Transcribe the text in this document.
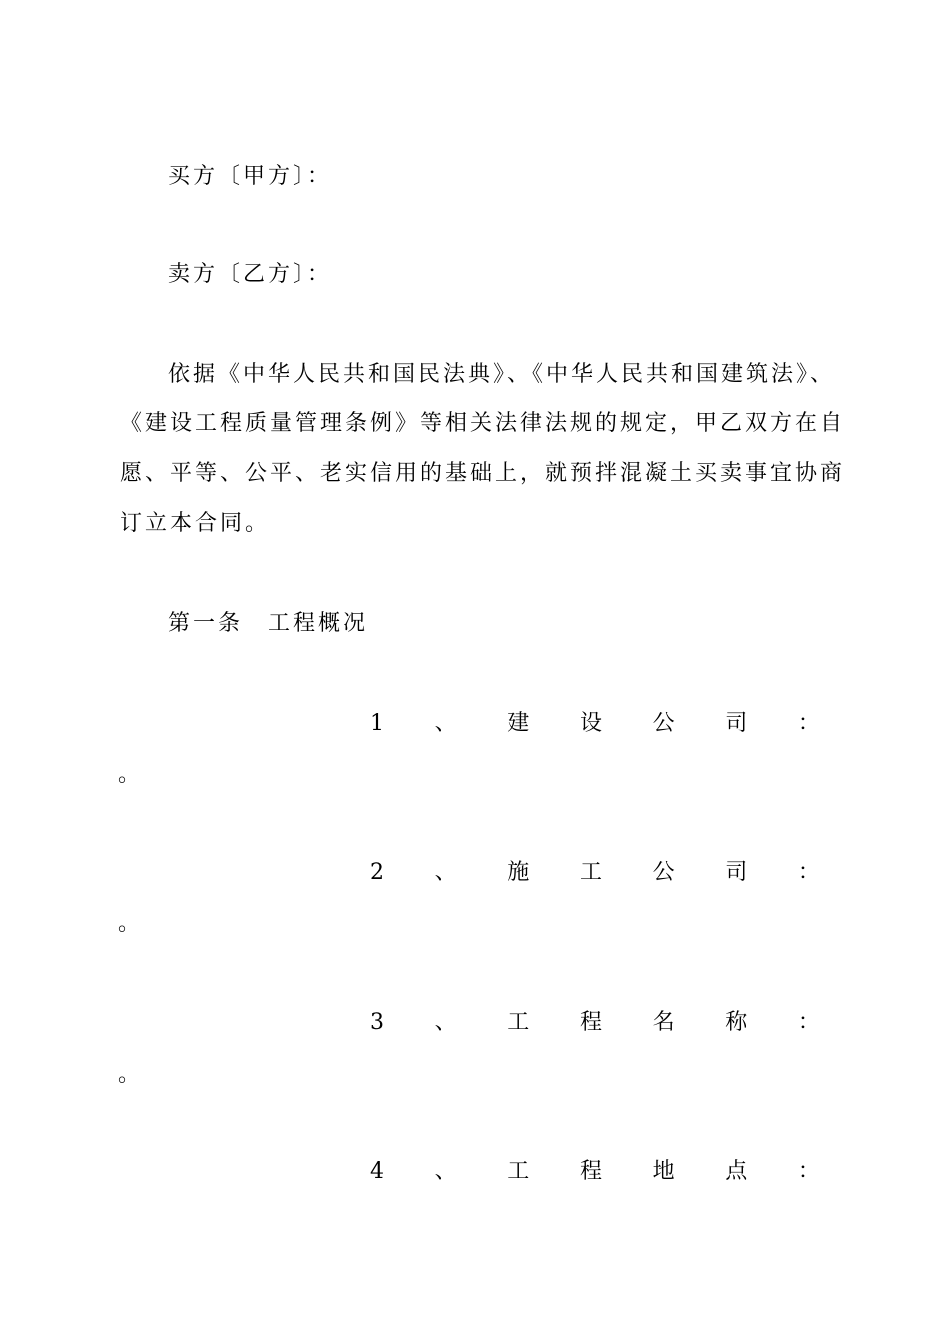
买方〔甲方〕：
卖方〔乙方〕：
依据《中华人民共和国民法典》、《中华人民共和国建筑法》、
《建设工程质量管理条例》等相关法律法规的规定，甲乙双方在自
愿、平等、公平、老实信用的基础上，就预拌混凝土买卖事宜协商
订立本合同。
第一条　工程概况
1 、 建 设 公 司 ：
。
2 、 施 工 公 司 ：
。
3 、 工 程 名 称 ：
。
4 、 工 程 地 点 ：
